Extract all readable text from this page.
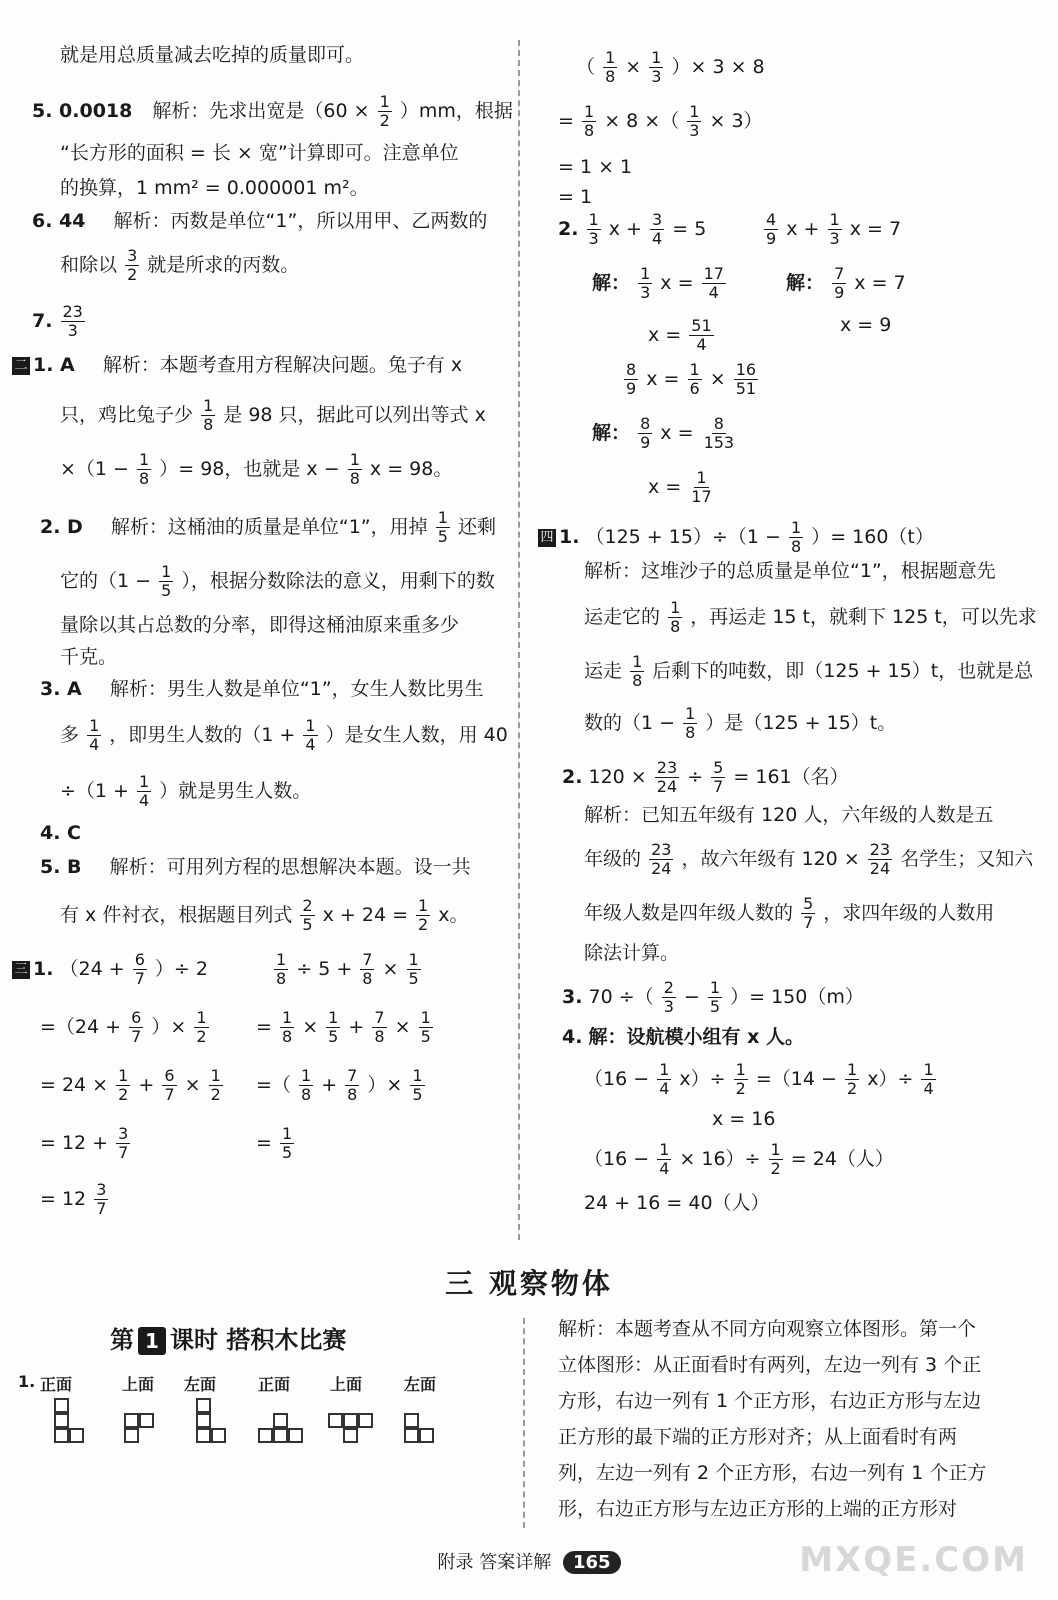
就是用总质量减去吃掉的质量即可。
5. 0.0018 解析：先求出宽是$(60 \times \frac{1}{2} )mm$，根据
“长方形的面积 = 长 × 宽”计算即可。注意单位
的换算，1 mm² = 0.000001 m²。
6. 44 解析：丙数是单位“1”，所以用甲、乙两数的
和除以 $\frac{3}{2}$ 就是所求的丙数。
7. $\frac{23}{3}$
二 1. A 解析：本题考查用方程解决问题。兔子有 x
只，鸡比兔子少 $\frac{1}{8}$ 是 98 只，据此可以列出等式 x
$\times(1 - \frac{1}{8}$ ）= 98，也就是 $x - \frac{1}{8}$ x = 98。
2. D 解析：这桶油的质量是单位“1”，用掉 $\frac{1}{5}$ 还剩
它的（$1 - \frac{1}{5}$ ），根据分数除法的意义，用剩下的数
量除以其占总数的分率，即得这桶油原来重多少
千克。
3. A 解析：男生人数是单位“1”，女生人数比男生
多 $\frac{1}{4}$ ，即男生人数的（$1 + \frac{1}{4}$ ）是女生人数，用 40
$\div(1 + \frac{1}{4}$ ）就是男生人数。
4. C
5. B 解析：可用列方程的思想解决本题。设一共
有 x 件衬衣，根据题目列式 $\frac{2}{5}$ $x + 24 = \frac{1}{2}$ x。
三 1. （$24 + \frac{6}{7}$ ）÷ 2
$=(24 + \frac{6}{7}$ ）× $\frac{1}{2}$
= $24 \times \frac{1}{2} + \frac{6}{7} \times \frac{1}{2}$
= $12 + \frac{3}{7}$
= $12 \frac{3}{7}$
$\frac{1}{8} \div 5 + \frac{7}{8} \times \frac{1}{5}$
= $\frac{1}{8} \times \frac{1}{5} + \frac{7}{8} \times \frac{1}{5}$
=（ $\frac{1}{8} + \frac{7}{8}$ ）× $\frac{1}{5}$
= $\frac{1}{5}$
（ $\frac{1}{8} \times \frac{1}{3}$ ）× 3 × 8
= $\frac{1}{8} \times 8$ ×（ $\frac{1}{3} \times 3$）
= 1 × 1
= 1
2. $\frac{1}{3}$ $x + \frac{3}{4} = 5$	$\frac{4}{9}$ $x + \frac{1}{3}$ x = 7
解： $\frac{1}{3}$ $x = \frac{17}{4}$	解： $\frac{7}{9}$ x = 7
$x = \frac{51}{4}$	x = 9
$\frac{8}{9}$ $x = \frac{1}{6} \times \frac{16}{51}$
解： $\frac{8}{9}$ $x = \frac{8}{153}$
$x = \frac{1}{17}$
四 1. $(125 + 15)\div(1 - \frac{1}{8}$ ）= 160（t）
解析：这堆沙子的总质量是单位“1”，根据题意先
运走它的 $\frac{1}{8}$ ，再运走 15 t，就剩下 125 t，可以先求
运走 $\frac{1}{8}$ 后剩下的吨数，即（125 + 15）t，也就是总
数的（$1 - \frac{1}{8}$ ）是（125 + 15）t。
2. $120 \times \frac{23}{24} \div \frac{5}{7} = 161$（名）
解析：已知五年级有 120 人，六年级的人数是五
年级的 $\frac{23}{24}$ ，故六年级有 $120 \times \frac{23}{24}$ 名学生；又知六
年级人数是四年级人数的 $\frac{5}{7}$ ，求四年级的人数用
除法计算。
3. 70 ÷（ $\frac{2}{3} - \frac{1}{5}$ ）= 150（m）
4. 解：设航模小组有 x 人。
$(16 - \frac{1}{4} x)\div \frac{1}{2} =(14 - \frac{1}{2} x)\div \frac{1}{4}$
x = 16
$(16 - \frac{1}{4} \times 16)\div \frac{1}{2} = 24$（人）
24 + 16 = 40（人）
三 观察物体
第 1 课时 搭积木比赛
1. 正面	上面 左面	正面 上面	左面
解析：本题考查从不同方向观察立体图形。第一个
立体图形：从正面看时有两列，左边一列有 3 个正
方形，右边一列有 1 个正方形，右边正方形与左边
正方形的最下端的正方形对齐；从上面看时有两
列，左边一列有 2 个正方形，右边一列有 1 个正方
形，右边正方形与左边正方形的上端的正方形对
附录 答案详解 165	MXQE.COM
